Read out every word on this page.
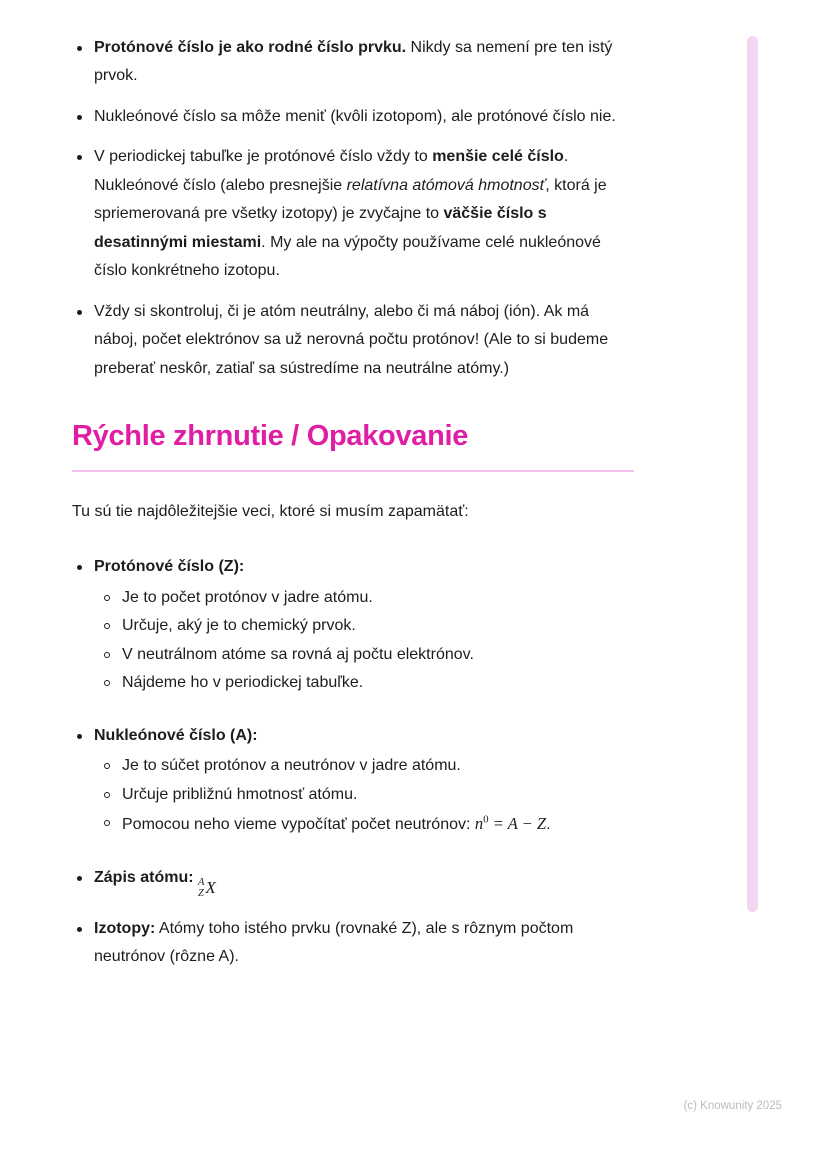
Protónové číslo je ako rodné číslo prvku. Nikdy sa nemení pre ten istý prvok.
Nukleónové číslo sa môže meniť (kvôli izotopom), ale protónové číslo nie.
V periodickej tabuľke je protónové číslo vždy to menšie celé číslo. Nukleónové číslo (alebo presnejšie relatívna atómová hmotnosť, ktorá je spriemerovaná pre všetky izotopy) je zvyčajne to väčšie číslo s desatinnými miestami. My ale na výpočty používame celé nukleónové číslo konkrétneho izotopu.
Vždy si skontroluj, či je atóm neutrálny, alebo či má náboj (ión). Ak má náboj, počet elektrónov sa už nerovná počtu protónov! (Ale to si budeme preberať neskôr, zatiaľ sa sústredíme na neutrálne atómy.)
Rýchle zhrnutie / Opakovanie

Tu sú tie najdôležitejšie veci, ktoré si musím zapamätať:

Protónové číslo (Z):
Je to počet protónov v jadre atómu.
Určuje, aký je to chemický prvok.
V neutrálnom atóme sa rovná aj počtu elektrónov.
Nájdeme ho v periodickej tabuľke.
Nukleónové číslo (A):
Je to súčet protónov a neutrónov v jadre atómu.
Určuje približnú hmotnosť atómu.
Pomocou neho vieme vypočítať počet neutrónov: $n^0 = A - Z$.
Zápis atómu: A
Z X
Izotopy: Atómy toho istého prvku (rovnaké Z), ale s rôznym počtom neutrónov (rôzne A).
(c) Knowunity 2025
